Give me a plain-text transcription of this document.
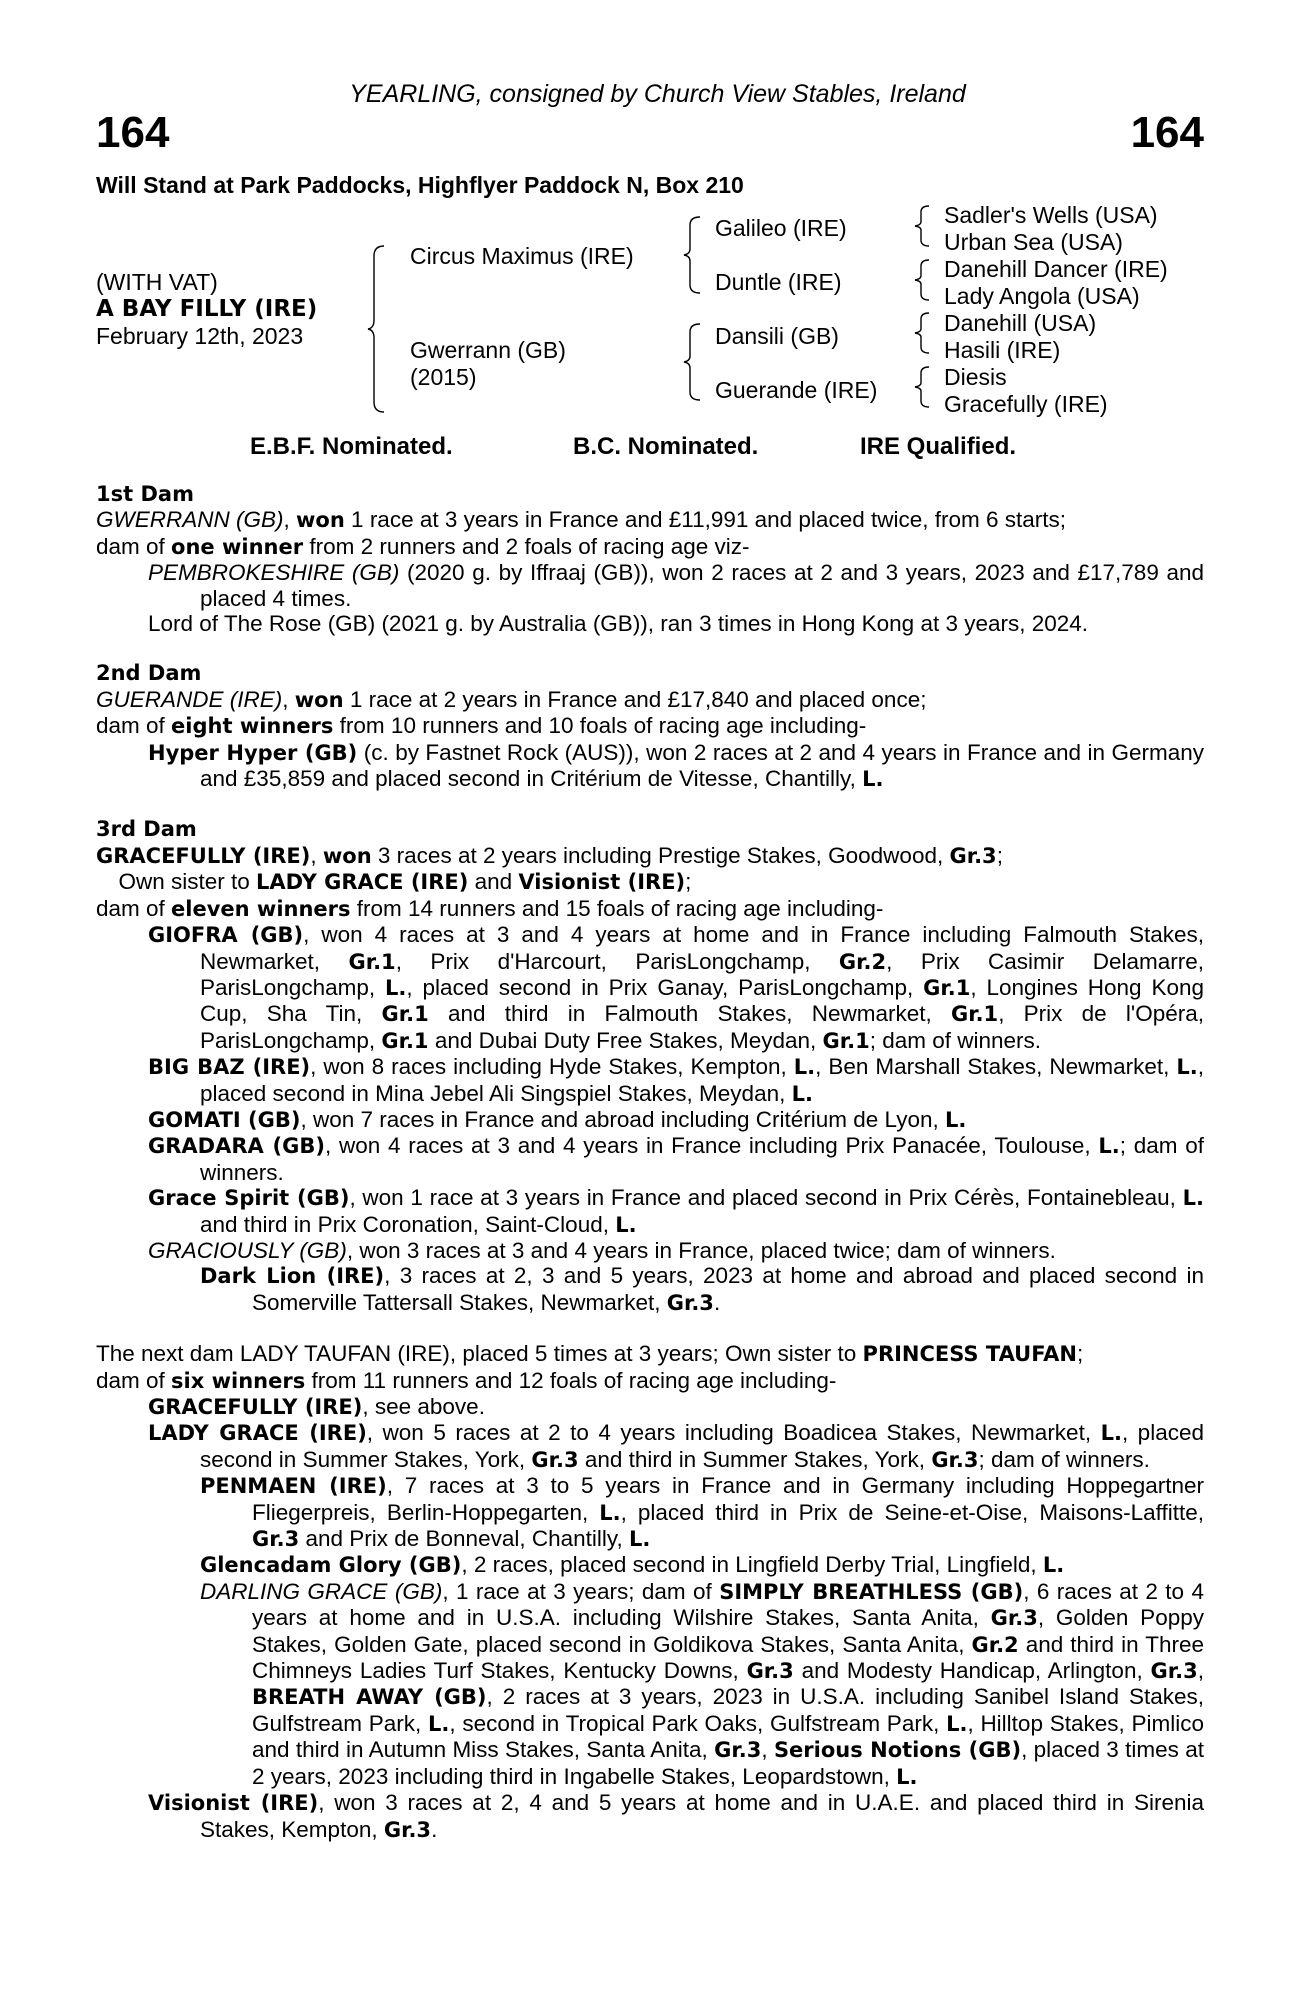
YEARLING, consigned by Church View Stables, Ireland
164	164
Will Stand at Park Paddocks, Highflyer Paddock N, Box 210
(WITH VAT)
A BAY FILLY (IRE)
February 12th, 2023
Circus Maximus (IRE)
Gwerrann (GB)
(2015)
Galileo (IRE)
Duntle (IRE)
Dansili (GB)
Guerande (IRE)
Sadler's Wells (USA)
Urban Sea (USA)
Danehill Dancer (IRE)
Lady Angola (USA)
Danehill (USA)
Hasili (IRE)
Diesis
Gracefully (IRE)
E.B.F. Nominated.	B.C. Nominated.	IRE Qualified.

1st Dam

GWERRANN (GB), won 1 race at 3 years in France and £11,991 and placed twice, from 6 starts;

dam of one winner from 2 runners and 2 foals of racing age viz-

PEMBROKESHIRE (GB) (2020 g. by Iffraaj (GB)), won 2 races at 2 and 3 years, 2023 and £17,789 and placed 4 times.

Lord of The Rose (GB) (2021 g. by Australia (GB)), ran 3 times in Hong Kong at 3 years, 2024.

2nd Dam

GUERANDE (IRE), won 1 race at 2 years in France and £17,840 and placed once;

dam of eight winners from 10 runners and 10 foals of racing age including-

Hyper Hyper (GB) (c. by Fastnet Rock (AUS)), won 2 races at 2 and 4 years in France and in Germany and £35,859 and placed second in Critérium de Vitesse, Chantilly, L.

3rd Dam

GRACEFULLY (IRE), won 3 races at 2 years including Prestige Stakes, Goodwood, Gr.3;

 Own sister to LADY GRACE (IRE) and Visionist (IRE);

dam of eleven winners from 14 runners and 15 foals of racing age including-

GIOFRA (GB), won 4 races at 3 and 4 years at home and in France including Falmouth Stakes, Newmarket, Gr.1, Prix d'Harcourt, ParisLongchamp, Gr.2, Prix Casimir Delamarre, ParisLongchamp, L., placed second in Prix Ganay, ParisLongchamp, Gr.1, Longines Hong Kong Cup, Sha Tin, Gr.1 and third in Falmouth Stakes, Newmarket, Gr.1, Prix de l'Opéra, ParisLongchamp, Gr.1 and Dubai Duty Free Stakes, Meydan, Gr.1; dam of winners.

BIG BAZ (IRE), won 8 races including Hyde Stakes, Kempton, L., Ben Marshall Stakes, Newmarket, L., placed second in Mina Jebel Ali Singspiel Stakes, Meydan, L.

GOMATI (GB), won 7 races in France and abroad including Critérium de Lyon, L.

GRADARA (GB), won 4 races at 3 and 4 years in France including Prix Panacée, Toulouse, L.; dam of winners.

Grace Spirit (GB), won 1 race at 3 years in France and placed second in Prix Cérès, Fontainebleau, L. and third in Prix Coronation, Saint-Cloud, L.

GRACIOUSLY (GB), won 3 races at 3 and 4 years in France, placed twice; dam of winners.

Dark Lion (IRE), 3 races at 2, 3 and 5 years, 2023 at home and abroad and placed second in Somerville Tattersall Stakes, Newmarket, Gr.3.

The next dam LADY TAUFAN (IRE), placed 5 times at 3 years; Own sister to PRINCESS TAUFAN;

dam of six winners from 11 runners and 12 foals of racing age including-

GRACEFULLY (IRE), see above.

LADY GRACE (IRE), won 5 races at 2 to 4 years including Boadicea Stakes, Newmarket, L., placed second in Summer Stakes, York, Gr.3 and third in Summer Stakes, York, Gr.3; dam of winners.

PENMAEN (IRE), 7 races at 3 to 5 years in France and in Germany including Hoppegartner Fliegerpreis, Berlin-Hoppegarten, L., placed third in Prix de Seine-et-Oise, Maisons-Laffitte, Gr.3 and Prix de Bonneval, Chantilly, L.

Glencadam Glory (GB), 2 races, placed second in Lingfield Derby Trial, Lingfield, L.

DARLING GRACE (GB), 1 race at 3 years; dam of SIMPLY BREATHLESS (GB), 6 races at 2 to 4 years at home and in U.S.A. including Wilshire Stakes, Santa Anita, Gr.3, Golden Poppy Stakes, Golden Gate, placed second in Goldikova Stakes, Santa Anita, Gr.2 and third in Three Chimneys Ladies Turf Stakes, Kentucky Downs, Gr.3 and Modesty Handicap, Arlington, Gr.3, BREATH AWAY (GB), 2 races at 3 years, 2023 in U.S.A. including Sanibel Island Stakes, Gulfstream Park, L., second in Tropical Park Oaks, Gulfstream Park, L., Hilltop Stakes, Pimlico and third in Autumn Miss Stakes, Santa Anita, Gr.3, Serious Notions (GB), placed 3 times at 2 years, 2023 including third in Ingabelle Stakes, Leopardstown, L.

Visionist (IRE), won 3 races at 2, 4 and 5 years at home and in U.A.E. and placed third in Sirenia Stakes, Kempton, Gr.3.
